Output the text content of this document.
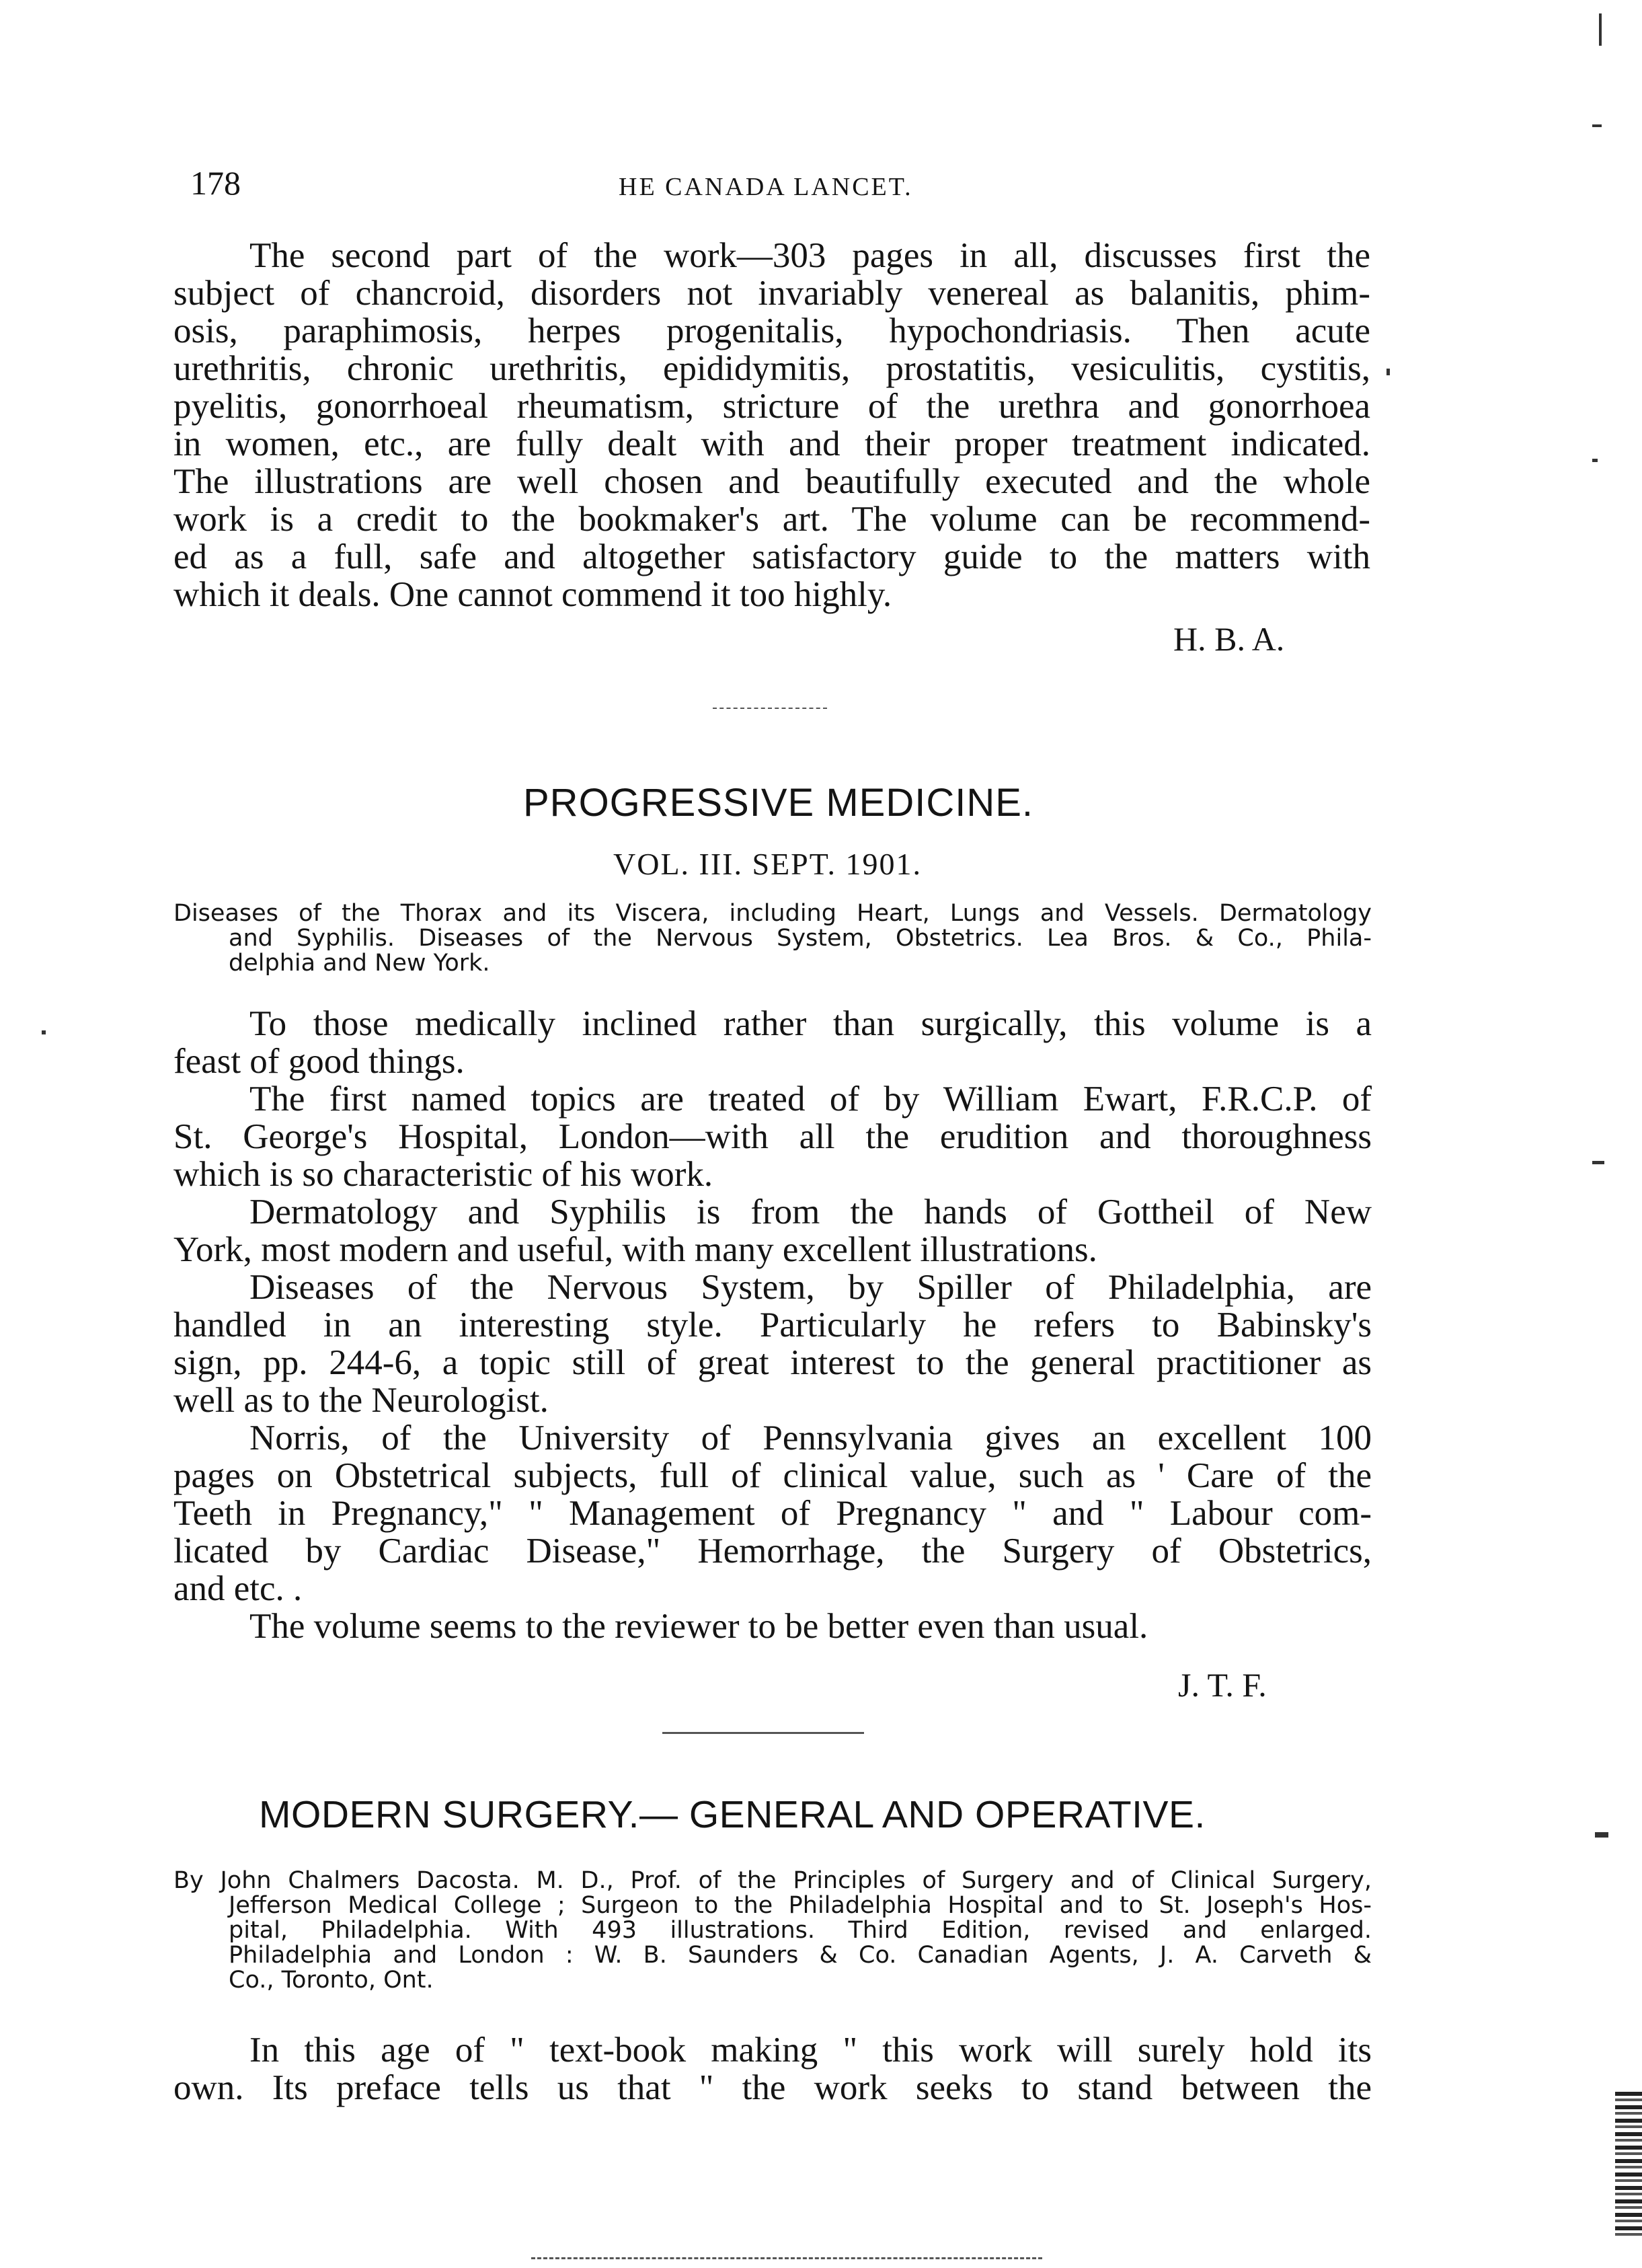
178	HE CANADA LANCET.
The second part of the work—303 pages in all, discusses first the
subject of chancroid, disorders not invariably venereal as balanitis, phim-
osis, paraphimosis, herpes progenitalis, hypochondriasis. Then acute
urethritis, chronic urethritis, epididymitis, prostatitis, vesiculitis, cystitis,
pyelitis, gonorrhoeal rheumatism, stricture of the urethra and gonorrhoea
in women, etc., are fully dealt with and their proper treatment indicated.
The illustrations are well chosen and beautifully executed and the whole
work is a credit to the bookmaker's art. The volume can be recommend-
ed as a full, safe and altogether satisfactory guide to the matters with
which it deals. One cannot commend it too highly.
H. B. A.
PROGRESSIVE MEDICINE.
VOL. III. SEPT. 1901.
Diseases of the Thorax and its Viscera, including Heart, Lungs and Vessels. Dermatology
and Syphilis. Diseases of the Nervous System, Obstetrics. Lea Bros. & Co., Phila-
delphia and New York.
To those medically inclined rather than surgically, this volume is a
feast of good things.
The first named topics are treated of by William Ewart, F.R.C.P. of
St. George's Hospital, London—with all the erudition and thoroughness
which is so characteristic of his work.
Dermatology and Syphilis is from the hands of Gottheil of New
York, most modern and useful, with many excellent illustrations.
Diseases of the Nervous System, by Spiller of Philadelphia, are
handled in an interesting style. Particularly he refers to Babinsky's
sign, pp. 244-6, a topic still of great interest to the general practitioner as
well as to the Neurologist.
Norris, of the University of Pennsylvania gives an excellent 100
pages on Obstetrical subjects, full of clinical value, such as ' Care of the
Teeth in Pregnancy," " Management of Pregnancy " and " Labour com-
licated by Cardiac Disease," Hemorrhage, the Surgery of Obstetrics,
and etc. .
The volume seems to the reviewer to be better even than usual.
J. T. F.
MODERN SURGERY.— GENERAL AND OPERATIVE.
By John Chalmers Dacosta. M. D., Prof. of the Principles of Surgery and of Clinical Surgery,
Jefferson Medical College ; Surgeon to the Philadelphia Hospital and to St. Joseph's Hos-
pital, Philadelphia. With 493 illustrations. Third Edition, revised and enlarged.
Philadelphia and London : W. B. Saunders & Co. Canadian Agents, J. A. Carveth &
Co., Toronto, Ont.
In this age of " text-book making " this work will surely hold its
own. Its preface tells us that " the work seeks to stand between the
